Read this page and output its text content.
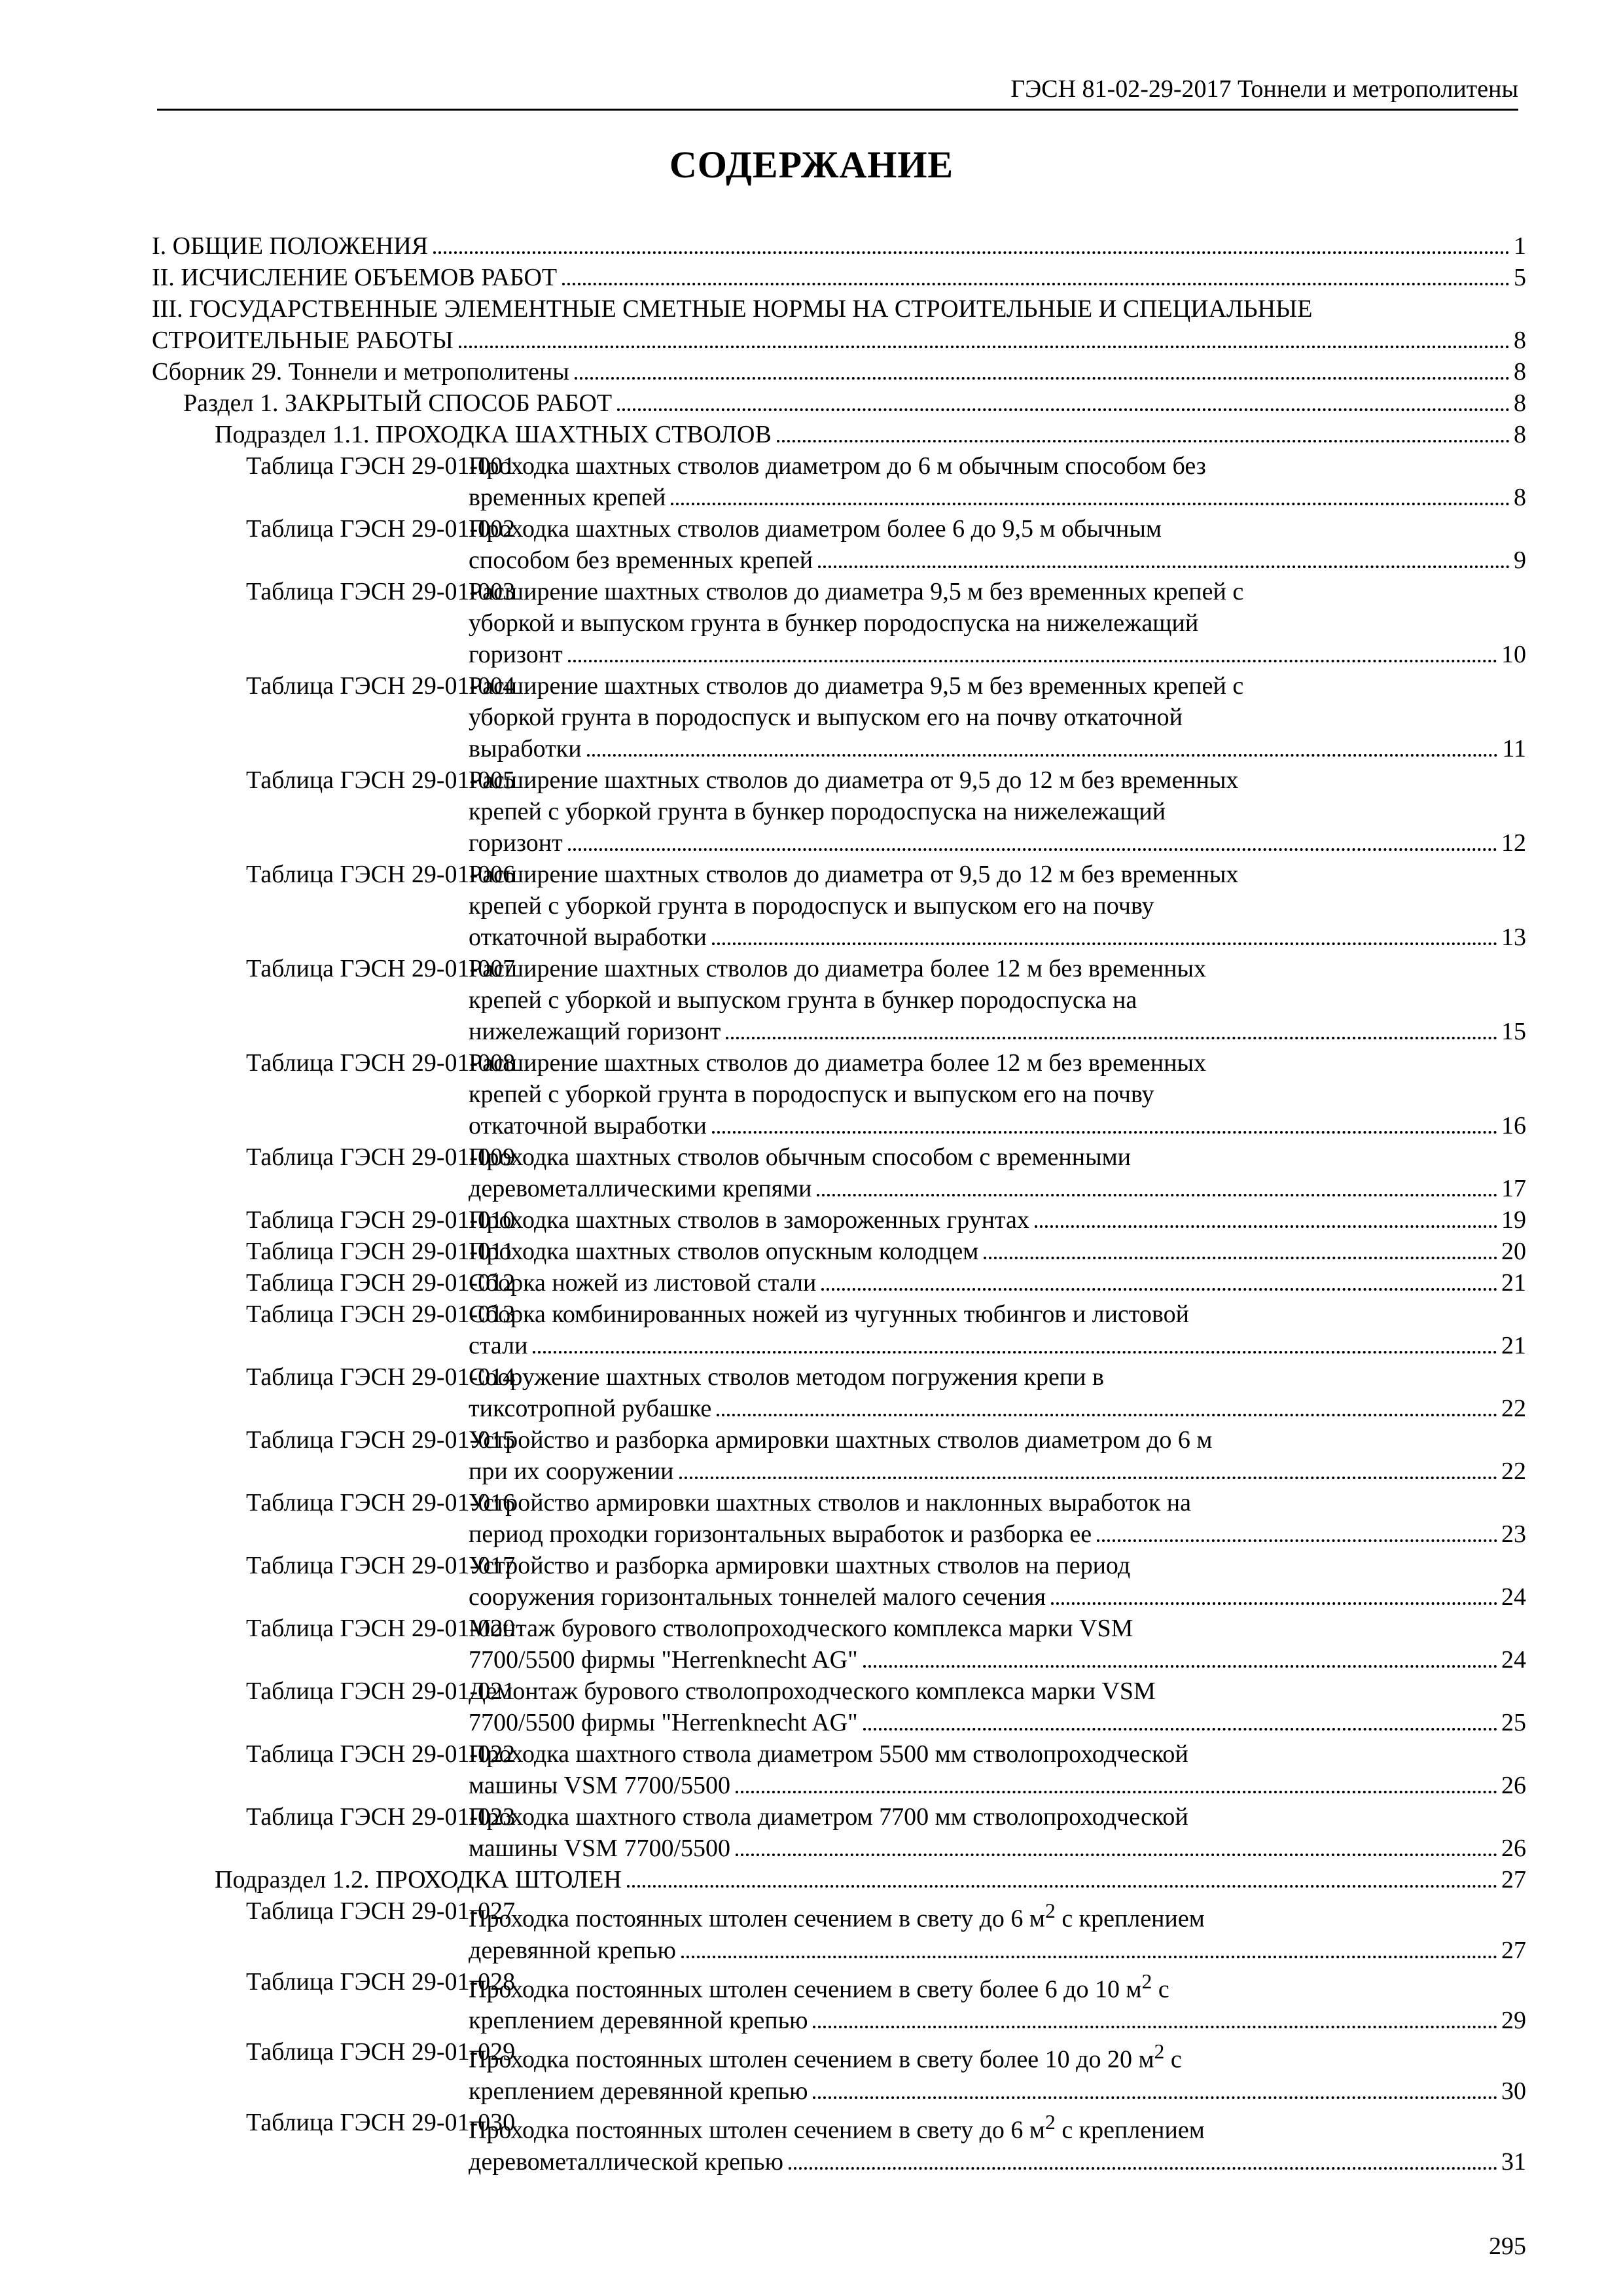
ГЭСН 81-02-29-2017 Тоннели и метрополитены
СОДЕРЖАНИЕ
I. ОБЩИЕ ПОЛОЖЕНИЯ	1
II. ИСЧИСЛЕНИЕ ОБЪЕМОВ РАБОТ	5
III. ГОСУДАРСТВЕННЫЕ ЭЛЕМЕНТНЫЕ СМЕТНЫЕ НОРМЫ НА СТРОИТЕЛЬНЫЕ И СПЕЦИАЛЬНЫЕ
СТРОИТЕЛЬНЫЕ РАБОТЫ	8
Сборник 29. Тоннели и метрополитены	8
Раздел 1. ЗАКРЫТЫЙ СПОСОБ РАБОТ	8
Подраздел 1.1. ПРОХОДКА ШАХТНЫХ СТВОЛОВ	8
Таблица ГЭСН 29-01-001
Проходка шахтных стволов диаметром до 6 м обычным способом без
временных крепей	8
Таблица ГЭСН 29-01-002
Проходка шахтных стволов диаметром более 6 до 9,5 м обычным
способом без временных крепей	9
Таблица ГЭСН 29-01-003
Расширение шахтных стволов до диаметра 9,5 м без временных крепей с
уборкой и выпуском грунта в бункер породоспуска на нижележащий
горизонт	10
Таблица ГЭСН 29-01-004
Расширение шахтных стволов до диаметра 9,5 м без временных крепей с
уборкой грунта в породоспуск и выпуском его на почву откаточной
выработки	11
Таблица ГЭСН 29-01-005
Расширение шахтных стволов до диаметра от 9,5 до 12 м без временных
крепей с уборкой грунта в бункер породоспуска на нижележащий
горизонт	12
Таблица ГЭСН 29-01-006
Расширение шахтных стволов до диаметра от 9,5 до 12 м без временных
крепей с уборкой грунта в породоспуск и выпуском его на почву
откаточной выработки	13
Таблица ГЭСН 29-01-007
Расширение шахтных стволов до диаметра более 12 м без временных
крепей с уборкой и выпуском грунта в бункер породоспуска на
нижележащий горизонт	15
Таблица ГЭСН 29-01-008
Расширение шахтных стволов до диаметра более 12 м без временных
крепей с уборкой грунта в породоспуск и выпуском его на почву
откаточной выработки	16
Таблица ГЭСН 29-01-009
Проходка шахтных стволов обычным способом с временными
деревометаллическими крепями	17
Таблица ГЭСН 29-01-010
Проходка шахтных стволов в замороженных грунтах	19
Таблица ГЭСН 29-01-011
Проходка шахтных стволов опускным колодцем	20
Таблица ГЭСН 29-01-012
Сборка ножей из листовой стали	21
Таблица ГЭСН 29-01-013
Сборка комбинированных ножей из чугунных тюбингов и листовой
стали	21
Таблица ГЭСН 29-01-014
Сооружение шахтных стволов методом погружения крепи в
тиксотропной рубашке	22
Таблица ГЭСН 29-01-015
Устройство и разборка армировки шахтных стволов диаметром до 6 м
при их сооружении	22
Таблица ГЭСН 29-01-016
Устройство армировки шахтных стволов и наклонных выработок на
период проходки горизонтальных выработок и разборка ее	23
Таблица ГЭСН 29-01-017
Устройство и разборка армировки шахтных стволов на период
сооружения горизонтальных тоннелей малого сечения	24
Таблица ГЭСН 29-01-020
Монтаж бурового стволопроходческого комплекса марки VSM
7700/5500 фирмы "Herrenknecht AG"	24
Таблица ГЭСН 29-01-021
Демонтаж бурового стволопроходческого комплекса марки VSM
7700/5500 фирмы "Herrenknecht AG"	25
Таблица ГЭСН 29-01-022
Проходка шахтного ствола диаметром 5500 мм стволопроходческой
машины VSM 7700/5500	26
Таблица ГЭСН 29-01-023
Проходка шахтного ствола диаметром 7700 мм стволопроходческой
машины VSM 7700/5500	26
Подраздел 1.2. ПРОХОДКА ШТОЛЕН	27
Таблица ГЭСН 29-01-027
Проходка постоянных штолен сечением в свету до 6 $м^2$ с креплением
деревянной крепью	27
Таблица ГЭСН 29-01-028
Проходка постоянных штолен сечением в свету более 6 до 10 $м^2$ с
креплением деревянной крепью	29
Таблица ГЭСН 29-01-029
Проходка постоянных штолен сечением в свету более 10 до 20 $м^2$ с
креплением деревянной крепью	30
Таблица ГЭСН 29-01-030
Проходка постоянных штолен сечением в свету до 6 $м^2$ с креплением
деревометаллической крепью	31
295
